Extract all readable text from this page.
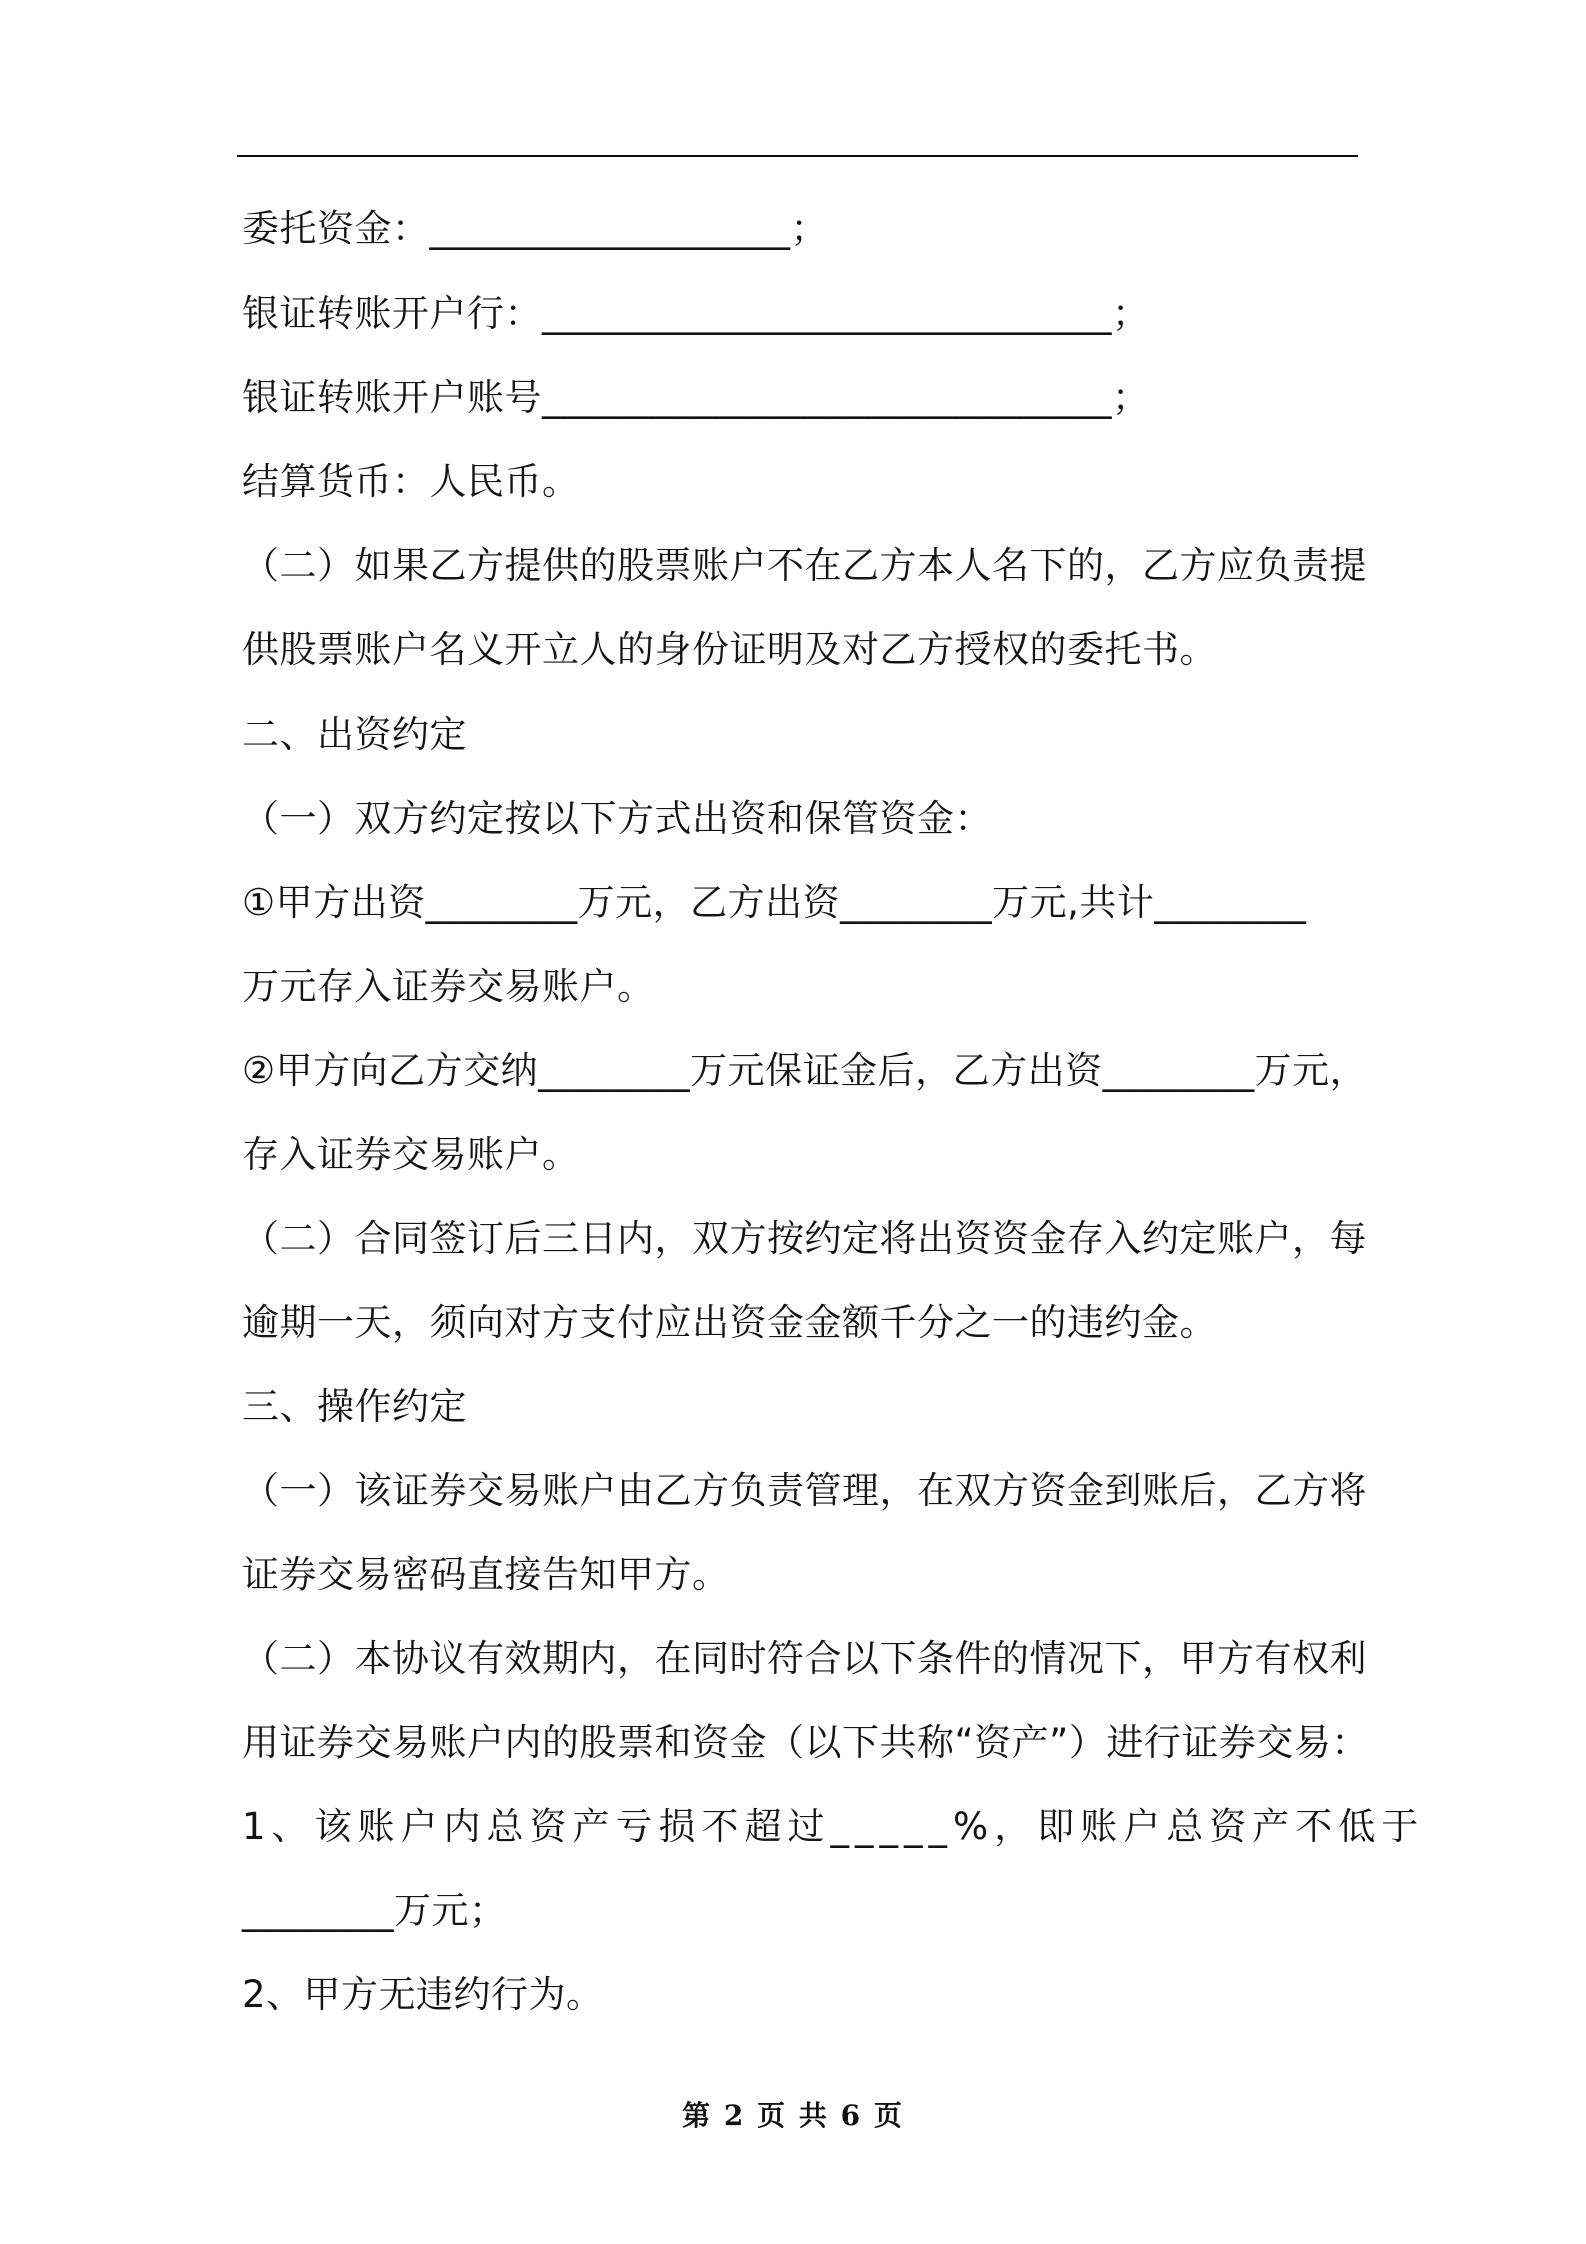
委托资金：___________________；
银证转账开户行：______________________________；
银证转账开户账号______________________________；
结算货币：人民币。
（二）如果乙方提供的股票账户不在乙方本人名下的，乙方应负责提
供股票账户名义开立人的身份证明及对乙方授权的委托书。
二、出资约定
（一）双方约定按以下方式出资和保管资金：
①甲方出资________万元，乙方出资________万元,共计________
万元存入证券交易账户。
②甲方向乙方交纳________万元保证金后，乙方出资________万元，
存入证券交易账户。
（二）合同签订后三日内，双方按约定将出资资金存入约定账户，每
逾期一天，须向对方支付应出资金金额千分之一的违约金。
三、操作约定
（一）该证券交易账户由乙方负责管理，在双方资金到账后，乙方将
证券交易密码直接告知甲方。
（二）本协议有效期内，在同时符合以下条件的情况下，甲方有权利
用证券交易账户内的股票和资金（以下共称“资产”）进行证券交易：
1、该账户内总资产亏损不超过_____%，即账户总资产不低于
________万元；
2、甲方无违约行为。
第 2 页 共 6 页
